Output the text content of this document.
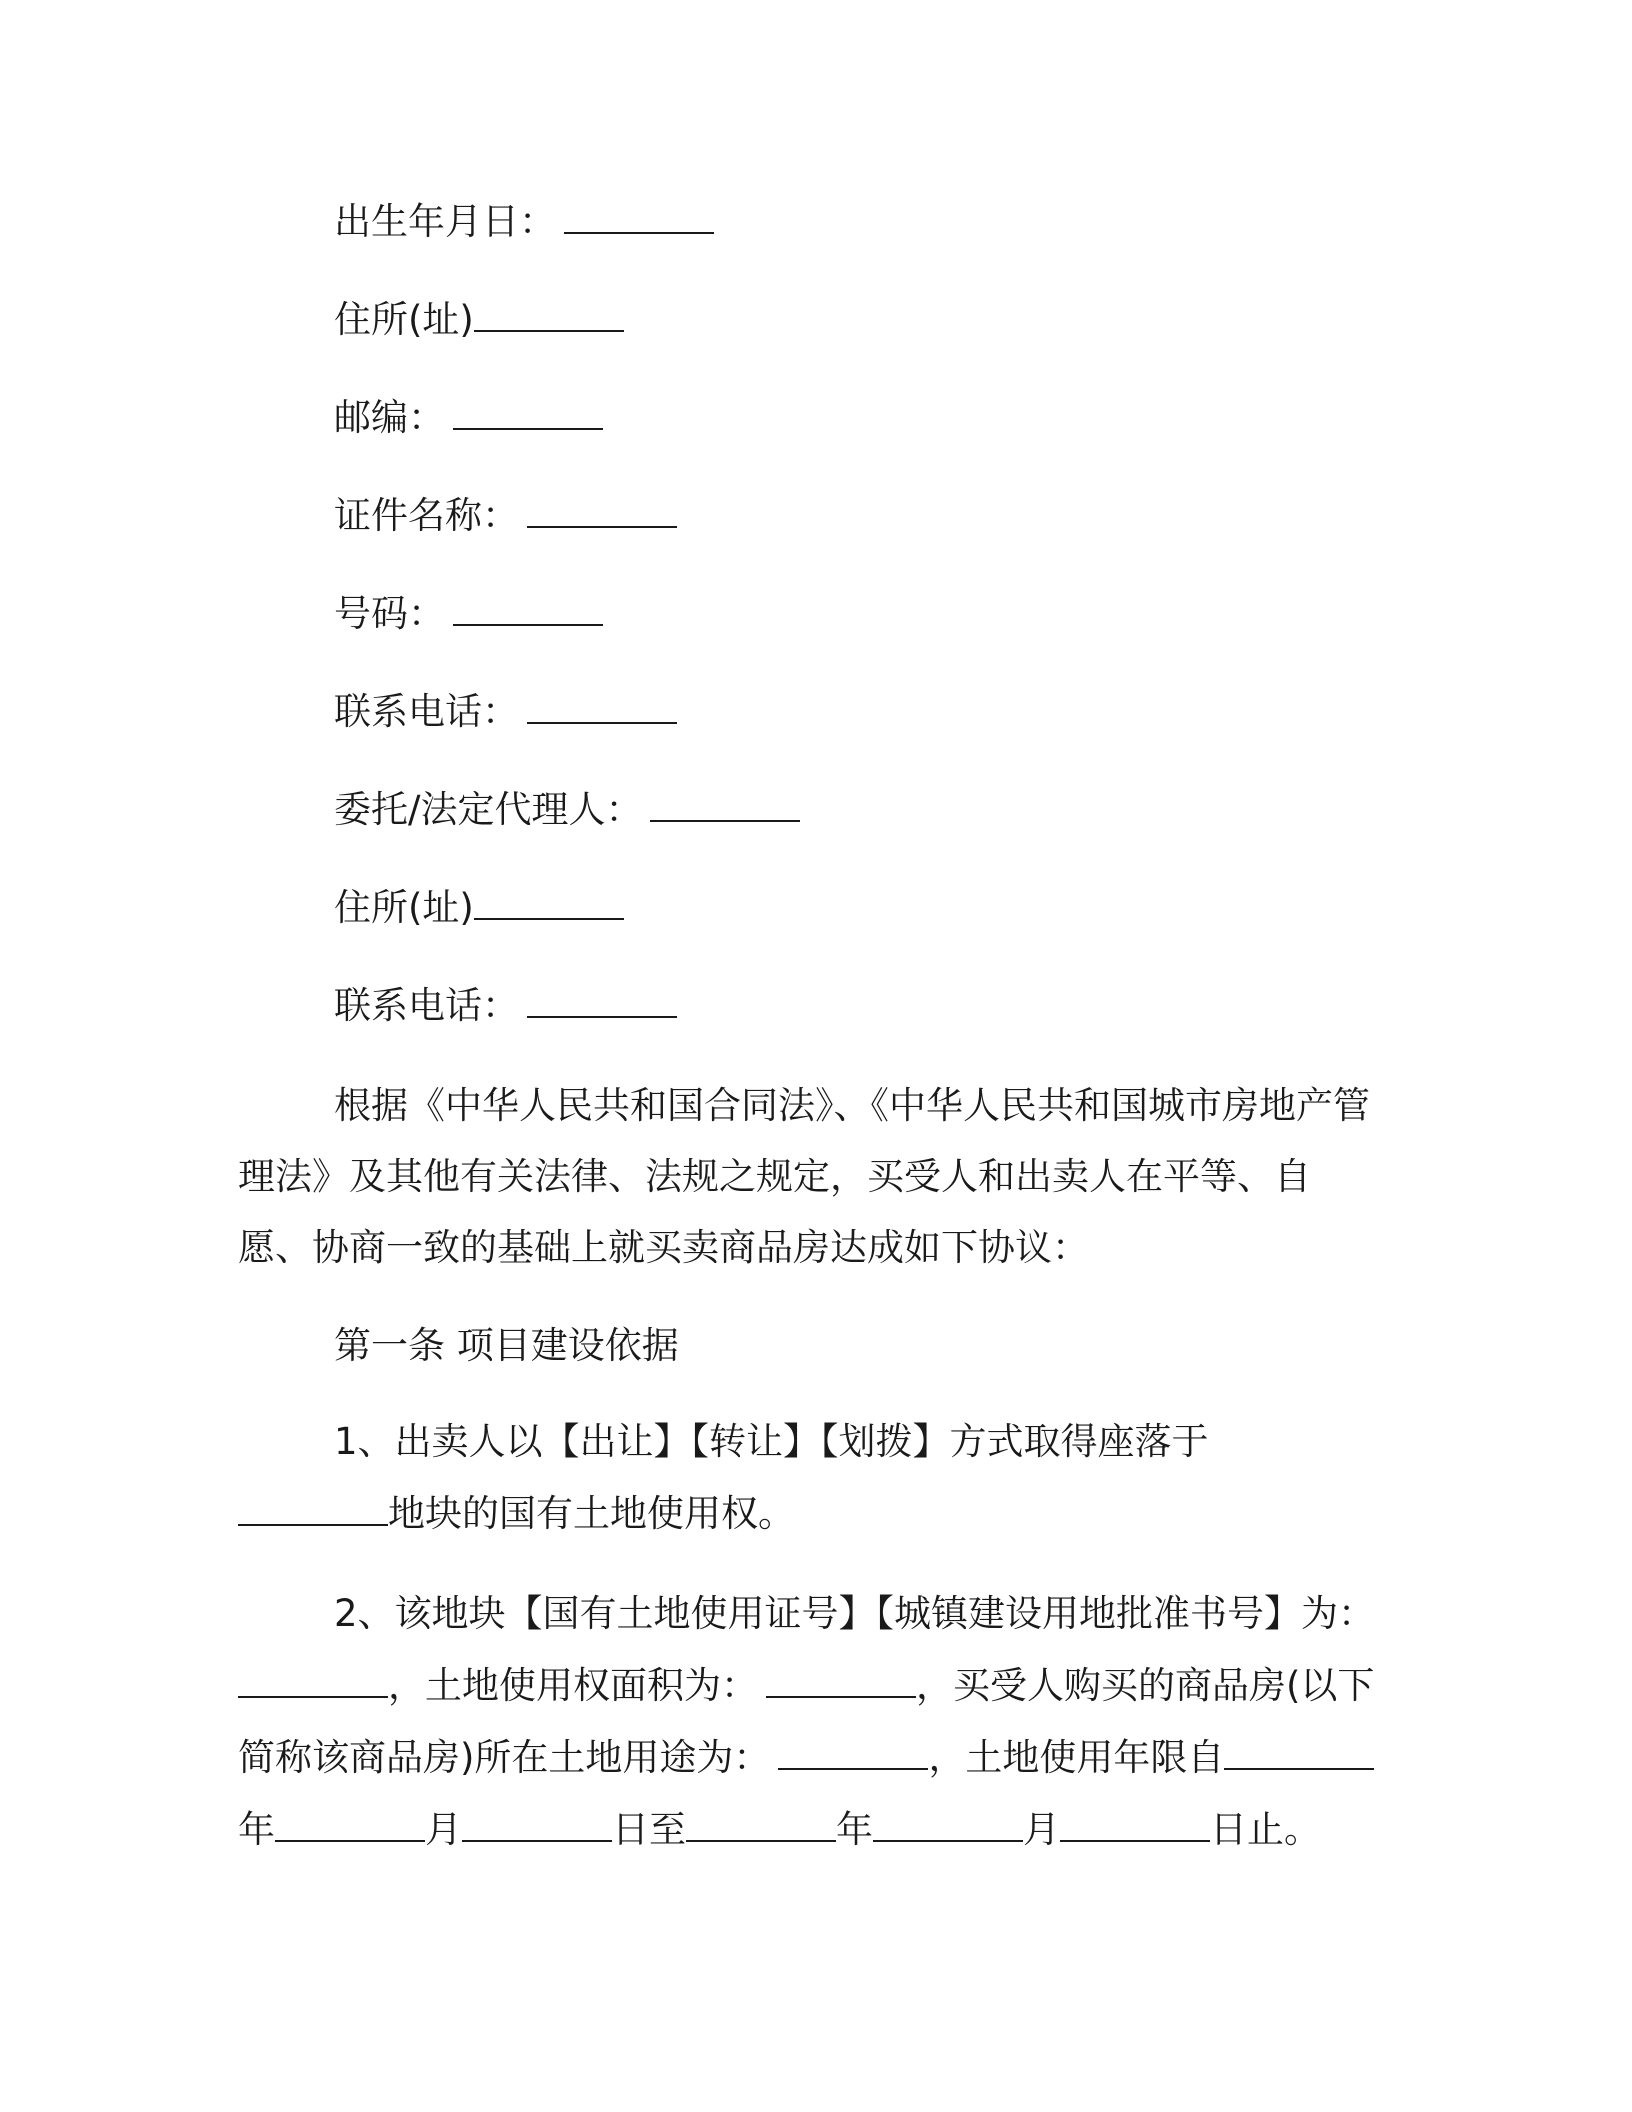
出生年月日：
住所(址)
邮编：
证件名称：
号码：
联系电话：
委托/法定代理人：
住所(址)
联系电话：
根据《中华人民共和国合同法》、《中华人民共和国城市房地产管理法》及其他有关法律、法规之规定，买受人和出卖人在平等、自愿、协商一致的基础上就买卖商品房达成如下协议：
第一条 项目建设依据
1、出卖人以【出让】【转让】【划拨】方式取得座落于
地块的国有土地使用权。
2、该地块【国有土地使用证号】【城镇建设用地批准书号】为：
，土地使用权面积为：	，买受人购买的商品房(以下
简称该商品房)所在土地用途为：	，土地使用年限自
年	月	日至	年	月	日止。
